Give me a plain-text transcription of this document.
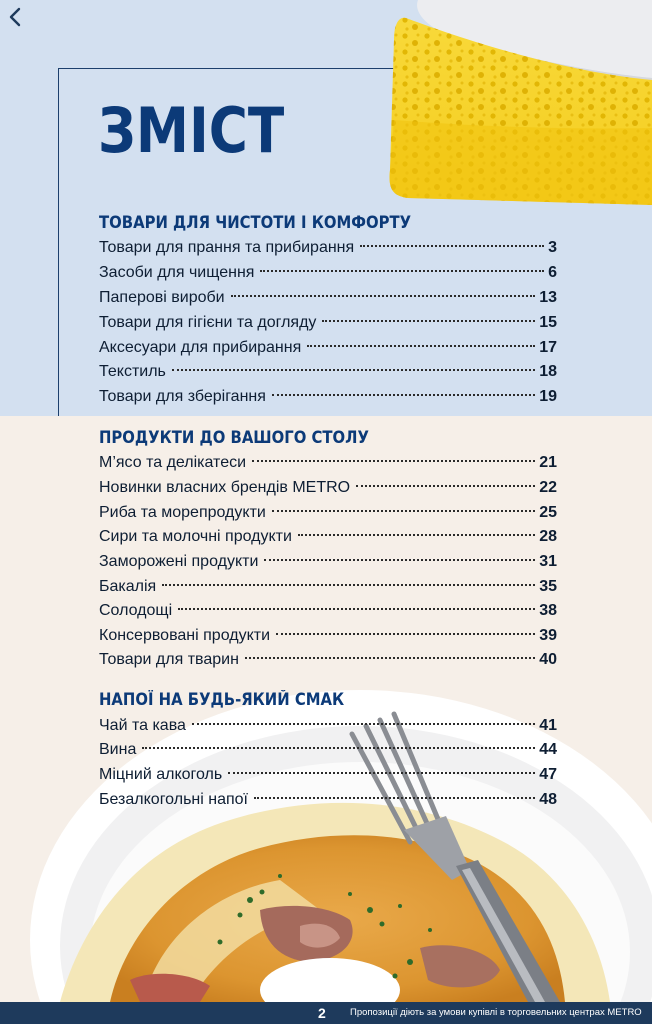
ЗМІСТ
ТОВАРИ ДЛЯ ЧИСТОТИ І КОМФОРТУ
Товари для прання та прибирання	3
Засоби для чищення	6
Паперові вироби	13
Товари для гігієни та догляду	15
Аксесуари для прибирання	17
Текстиль	18
Товари для зберігання	19
ПРОДУКТИ ДО ВАШОГО СТОЛУ
М’ясо та делікатеси	21
Новинки власних брендів METRO	22
Риба та морепродукти	25
Сири та молочні продукти	28
Заморожені продукти	31
Бакалія	35
Солодощі	38
Консервовані продукти	39
Товари для тварин	40
НАПОЇ НА БУДЬ-ЯКИЙ СМАК
Чай та кава	41
Вина	44
Міцний алкоголь	47
Безалкогольні напої	48
2	Пропозиції діють за умови купівлі в торговельних центрах METRO
